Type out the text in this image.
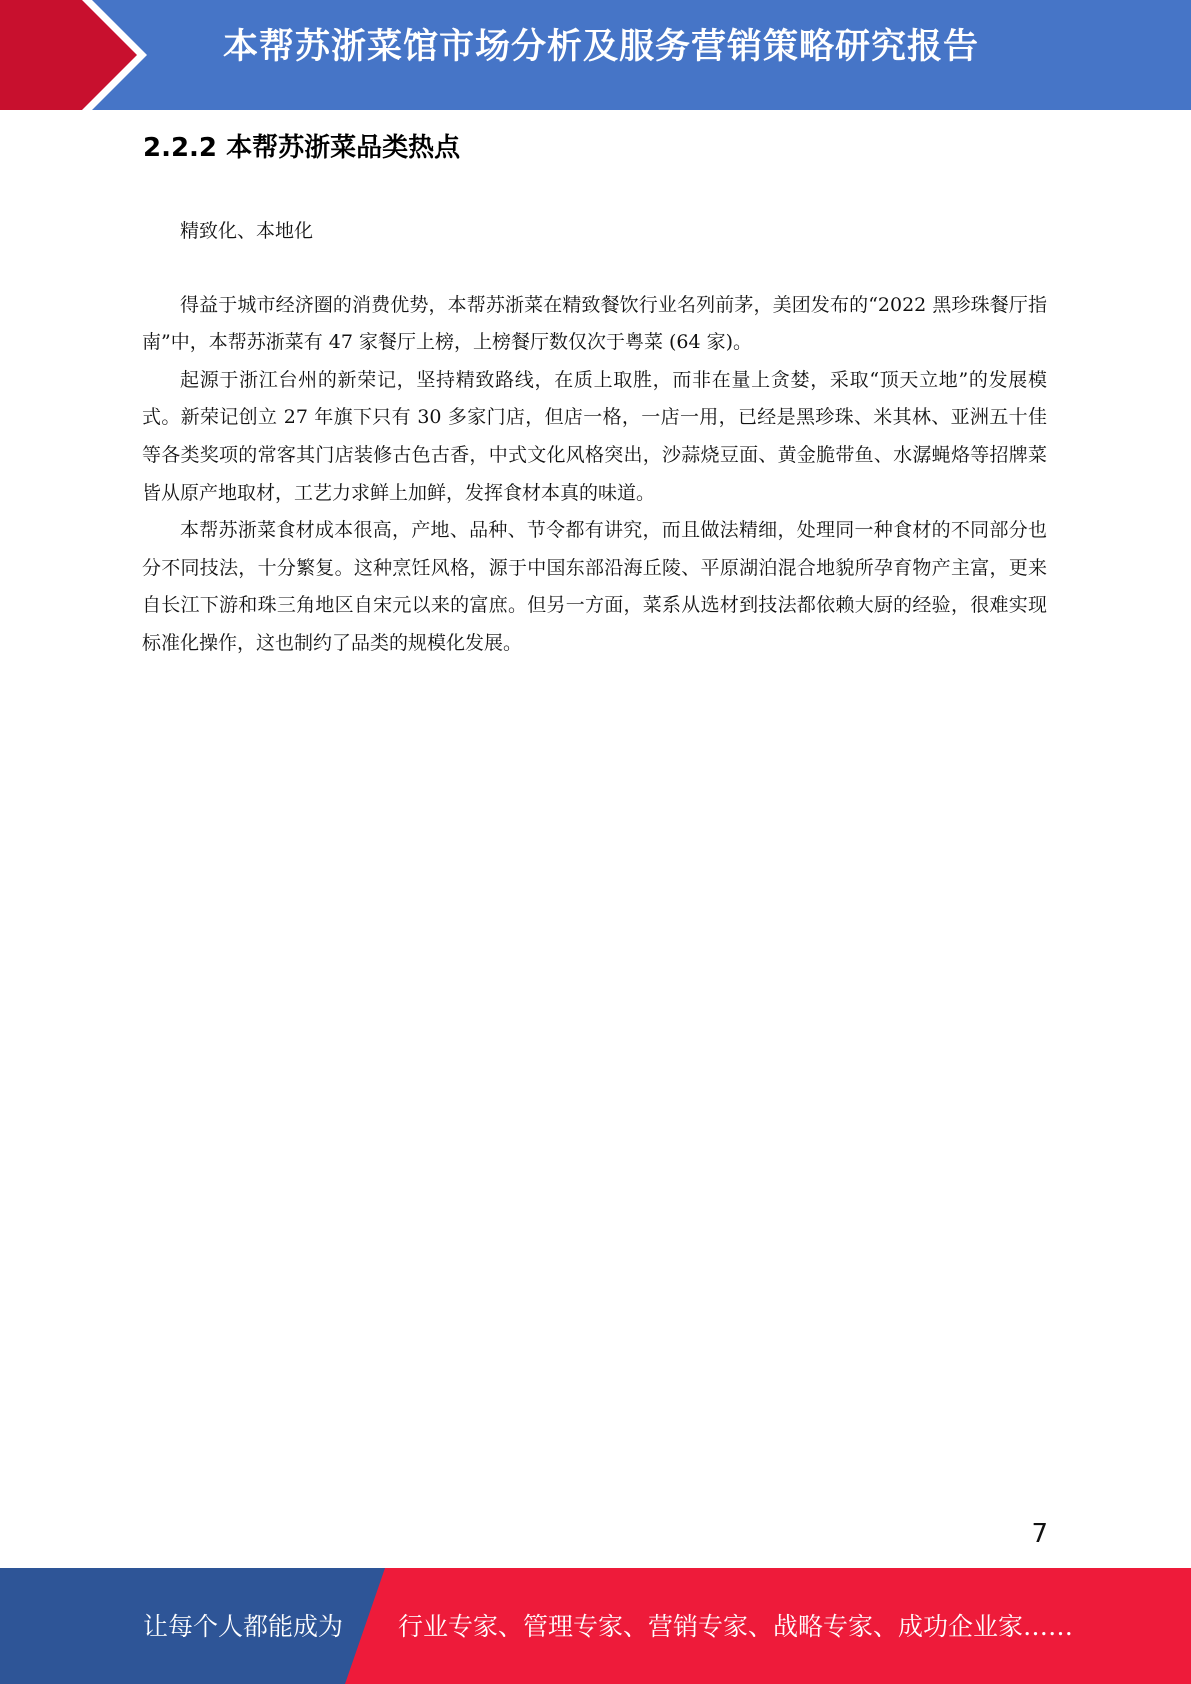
本帮苏浙菜馆市场分析及服务营销策略研究报告
2.2.2 本帮苏浙菜品类热点

精致化、本地化

得益于城市经济圈的消费优势，本帮苏浙菜在精致餐饮行业名列前茅，美团发布的“2022 黑珍珠餐厅指南”中，本帮苏浙菜有 47 家餐厅上榜，上榜餐厅数仅次于粤菜 (64 家)。

起源于浙江台州的新荣记，坚持精致路线，在质上取胜，而非在量上贪婪，采取“顶天立地”的发展模式。新荣记创立 27 年旗下只有 30 多家门店，但店一格，一店一用，已经是黑珍珠、米其林、亚洲五十佳等各类奖项的常客其门店装修古色古香，中式文化风格突出，沙蒜烧豆面、黄金脆带鱼、水潺蝇烙等招牌菜皆从原产地取材，工艺力求鲜上加鲜，发挥食材本真的味道。

本帮苏浙菜食材成本很高，产地、品种、节令都有讲究，而且做法精细，处理同一种食材的不同部分也分不同技法，十分繁复。这种烹饪风格，源于中国东部沿海丘陵、平原湖泊混合地貌所孕育物产主富，更来自长江下游和珠三角地区自宋元以来的富庶。但另一方面，菜系从选材到技法都依赖大厨的经验，很难实现标准化操作，这也制约了品类的规模化发展。

7
让每个人都能成为 行业专家、管理专家、营销专家、战略专家、成功企业家……
